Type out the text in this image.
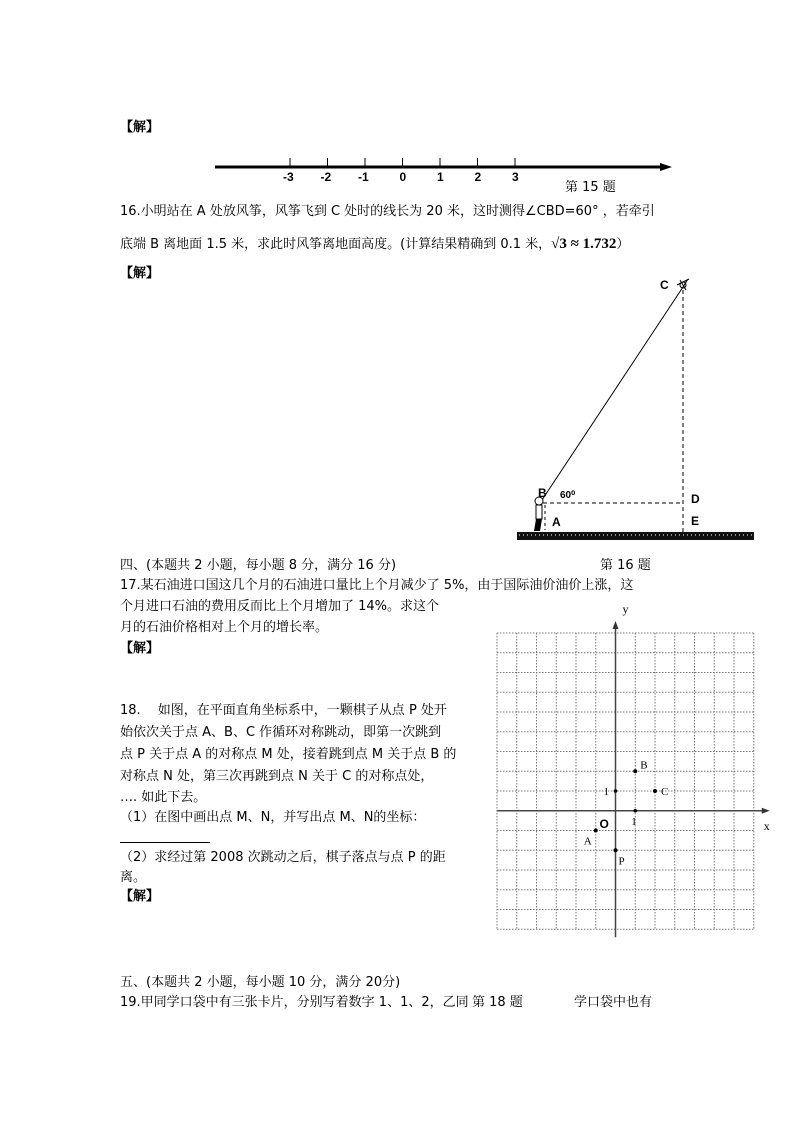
【解】
-3 -2 -1	0	1	2	3
第 15 题
16.小明站在 A 处放风筝，风筝飞到 C 处时的线长为 20 米，这时测得∠CBD=60° ，若牵引
底端 B 离地面 1.5 米，求此时风筝离地面高度。(计算结果精确到 0.1 米，√3 ≈ 1.732）
【解】
C
B 60⁰	D
A	E
四、(本题共 2 小题，每小题 8 分，满分 16 分)	第 16 题
17.某石油进口国这几个月的石油进口量比上个月减少了 5%，由于国际油价油价上涨，这
个月进口石油的费用反而比上个月增加了 14%。求这个
月的石油价格相对上个月的增长率。
【解】
18.　 如图，在平面直角坐标系中，一颗棋子从点 P 处开
始依次关于点 A、B、C 作循环对称跳动，即第一次跳到
点 P 关于点 A 的对称点 M 处，接着跳到点 M 关于点 B 的
对称点 N 处，第三次再跳到点 N 关于 C 的对称点处，
…. 如此下去。
（1）在图中画出点 M、N，并写出点 M、N的坐标：
（2）求经过第 2008 次跳动之后，棋子落点与点 P 的距
离。
【解】
A
B
C
P
y
x
O 1
1
五、(本题共 2 小题，每小题 10 分，满分 20分)
19.甲同学口袋中有三张卡片，分别写着数字 1、1、2，乙同 第 18 题	学口袋中也有
